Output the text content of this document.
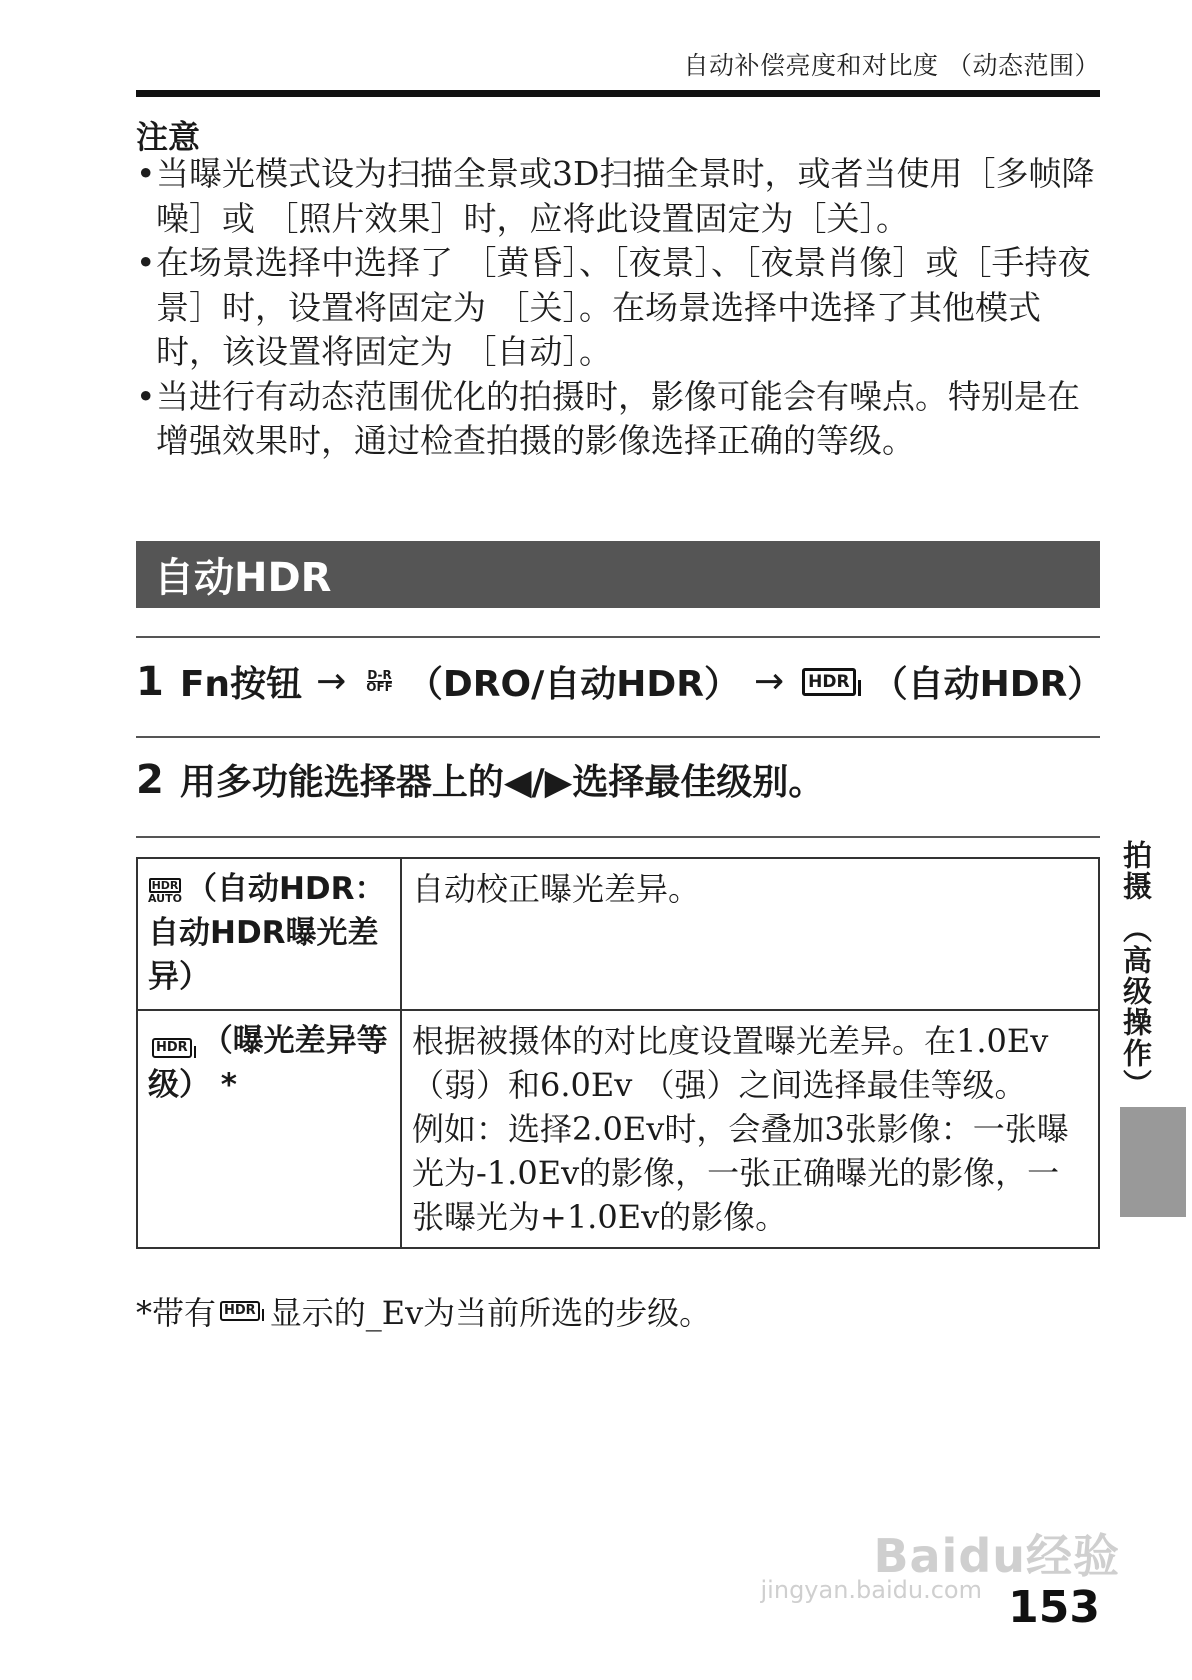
自动补偿亮度和对比度 （动态范围）
注意
• 当曝光模式设为扫描全景或3D扫描全景时，或者当使用［多帧降噪］或 ［照片效果］时，应将此设置固定为［关］。
• 在场景选择中选择了 ［黄昏］、［夜景］、［夜景肖像］或［手持夜景］时，设置将固定为 ［关］。在场景选择中选择了其他模式时，该设置将固定为 ［自动］。
• 当进行有动态范围优化的拍摄时，影像可能会有噪点。特别是在增强效果时，通过检查拍摄的影像选择正确的等级。
自动HDR
1 Fn按钮 → D-R
OFF （DRO/自动HDR） →	HDR （自动HDR）
2 用多功能选择器上的◀/▶选择最佳级别。
HDR
AUTO （自动HDR：自动HDR曝光差异）	自动校正曝光差异。

HDR （曝光差异等级） *	根据被摄体的对比度设置曝光差异。在1.0Ev （弱）和6.0Ev （强）之间选择最佳等级。
例如：选择2.0Ev时，会叠加3张影像：一张曝光为-1.0Ev的影像，一张正确曝光的影像，一张曝光为+1.0Ev的影像。
*带有 HDR 显示的_Ev为当前所选的步级。
拍摄 （高级操作）
Baidu经验
jingyan.baidu.com 153
